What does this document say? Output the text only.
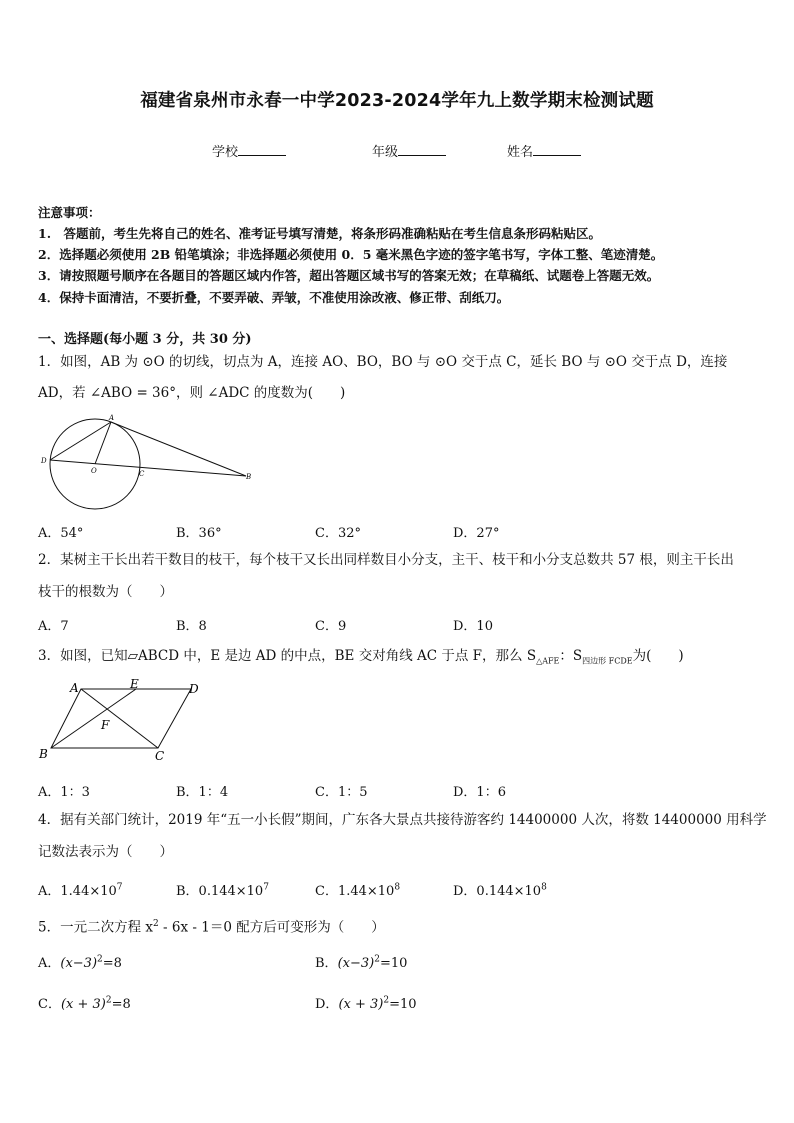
福建省泉州市永春一中学2023-2024学年九上数学期末检测试题
学校	年级	姓名
注意事项：
1.　答题前，考生先将自己的姓名、准考证号填写清楚，将条形码准确粘贴在考生信息条形码粘贴区。
2．选择题必须使用 2B 铅笔填涂；非选择题必须使用 0．5 毫米黑色字迹的签字笔书写，字体工整、笔迹清楚。
3．请按照题号顺序在各题目的答题区域内作答，超出答题区域书写的答案无效；在草稿纸、试题卷上答题无效。
4．保持卡面清洁，不要折叠，不要弄破、弄皱，不准使用涂改液、修正带、刮纸刀。
一、选择题(每小题 3 分，共 30 分)
1．如图，AB 为 ⊙O 的切线，切点为 A，连接 AO、BO，BO 与 ⊙O 交于点 C，延长 BO 与 ⊙O 交于点 D，连接
AD，若 ∠ABO = 36°，则 ∠ADC 的度数为(　　)
A
D
O	C	B
A．54°	B．36°	C．32°	D．27°
2．某树主干长出若干数目的枝干，每个枝干又长出同样数目小分支，主干、枝干和小分支总数共 57 根，则主干长出
枝干的根数为（　　）
A．7	B．8	C．9	D．10
3．如图，已知▱ABCD 中，E 是边 AD 的中点，BE 交对角线 AC 于点 F，那么 $S_{\triangle AFE}$：$S_{四边形 FCDE}$为(　　)
A	E	D
F
B	C
A．1：3	B．1：4	C．1：5	D．1：6
4．据有关部门统计，2019 年“五一小长假”期间，广东各大景点共接待游客约 14400000 人次，将数 14400000 用科学
记数法表示为（　　）
A．$1.44\times 10^7$	B．$0.144\times 10^7$	C．$1.44\times 10^8$	D．$0.144\times 10^8$
5．一元二次方程 $x^2 - 6x - 1=0$ 配方后可变形为（　　）
A．$(x-3)^2=8$	B．$(x-3)^2=10$
C．$(x + 3)^2=8$	D．$(x + 3)^2=10$
